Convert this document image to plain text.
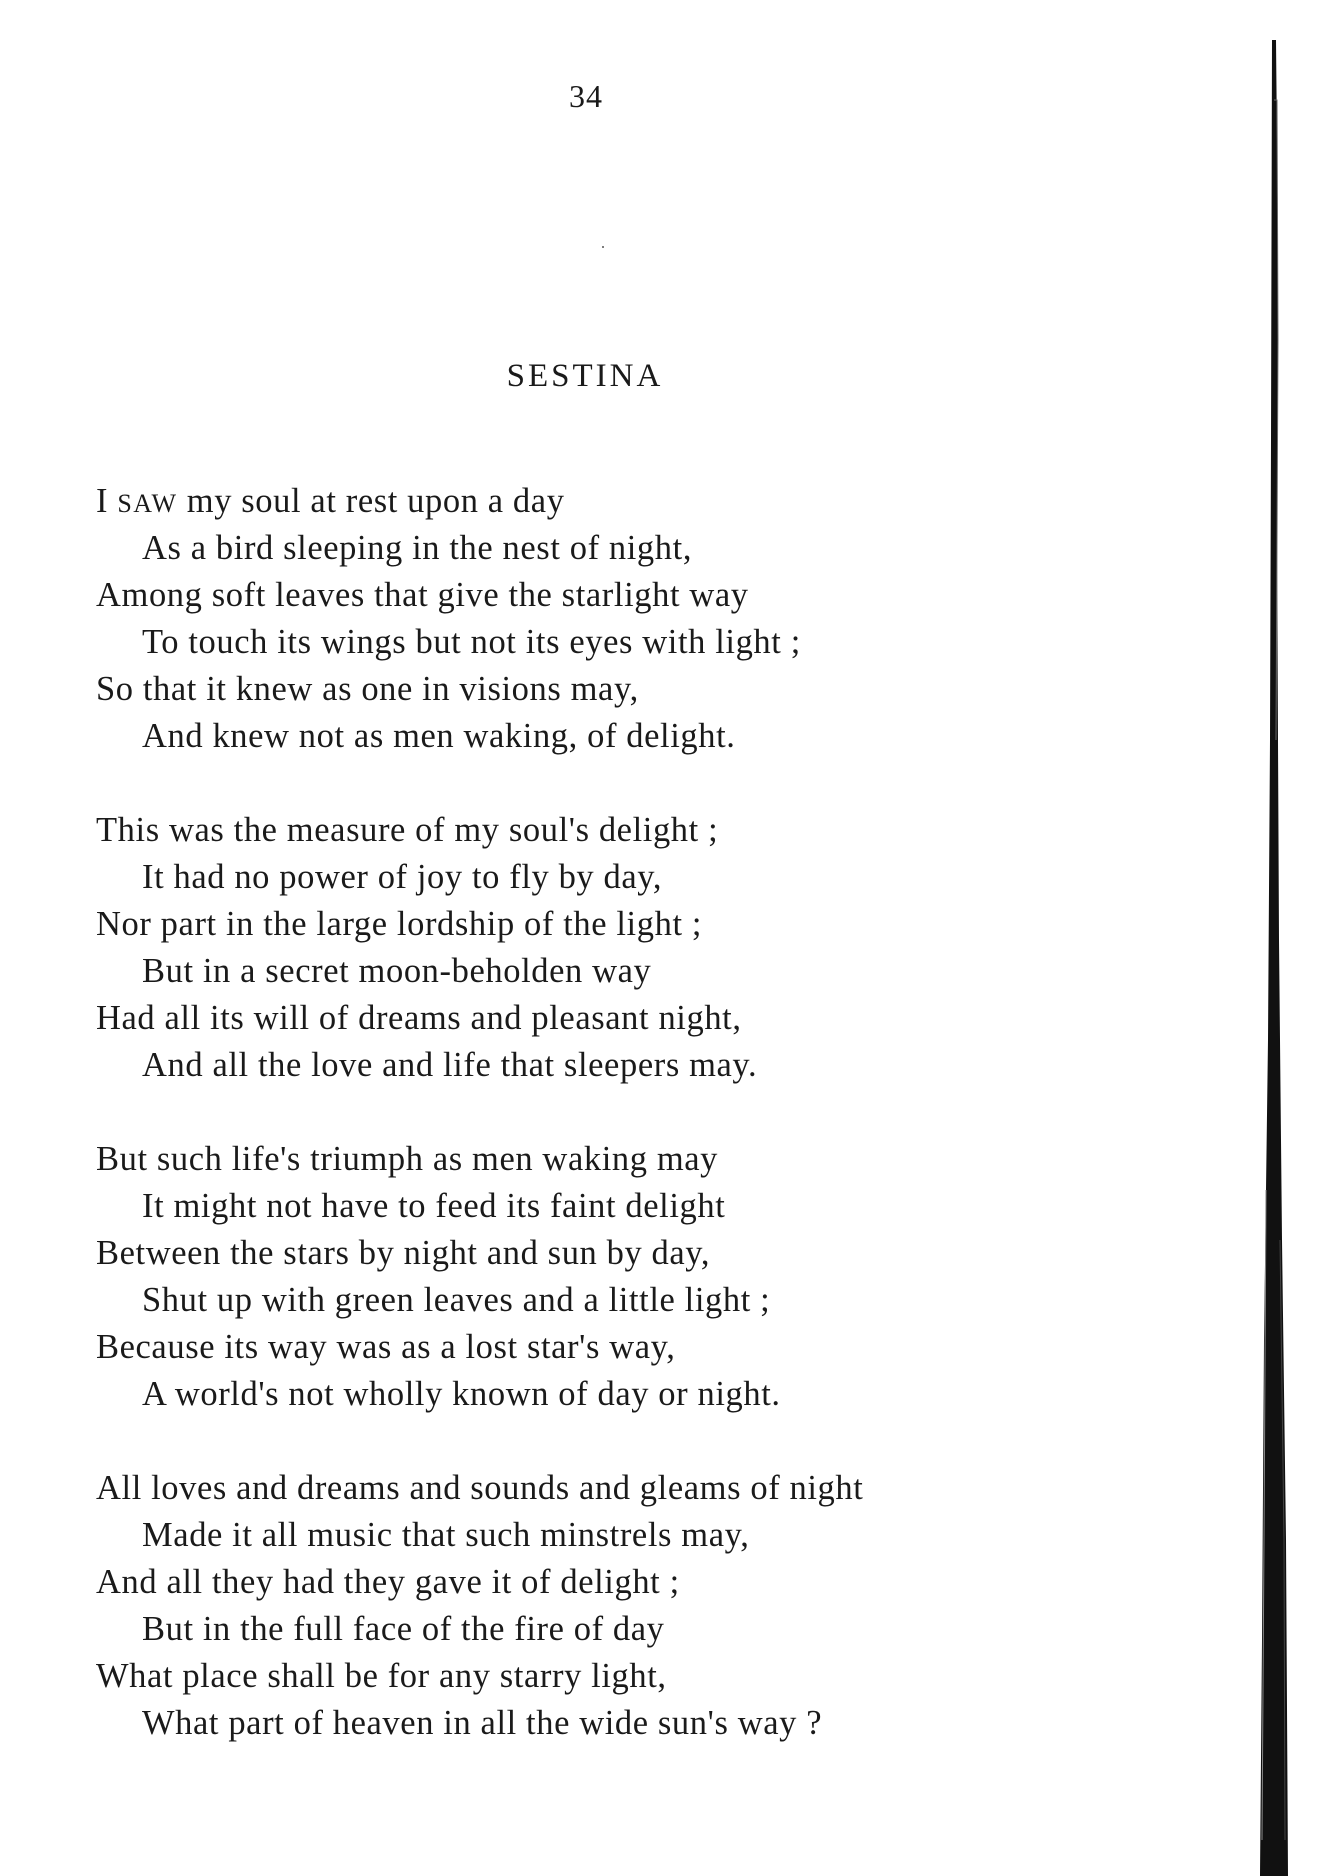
34
SESTINA
I SAW my soul at rest upon a day
As a bird sleeping in the nest of night,
Among soft leaves that give the starlight way
To touch its wings but not its eyes with light ;
So that it knew as one in visions may,
And knew not as men waking, of delight.
This was the measure of my soul's delight ;
It had no power of joy to fly by day,
Nor part in the large lordship of the light ;
But in a secret moon-beholden way
Had all its will of dreams and pleasant night,
And all the love and life that sleepers may.
But such life's triumph as men waking may
It might not have to feed its faint delight
Between the stars by night and sun by day,
Shut up with green leaves and a little light ;
Because its way was as a lost star's way,
A world's not wholly known of day or night.
All loves and dreams and sounds and gleams of night
Made it all music that such minstrels may,
And all they had they gave it of delight ;
But in the full face of the fire of day
What place shall be for any starry light,
What part of heaven in all the wide sun's way ?
